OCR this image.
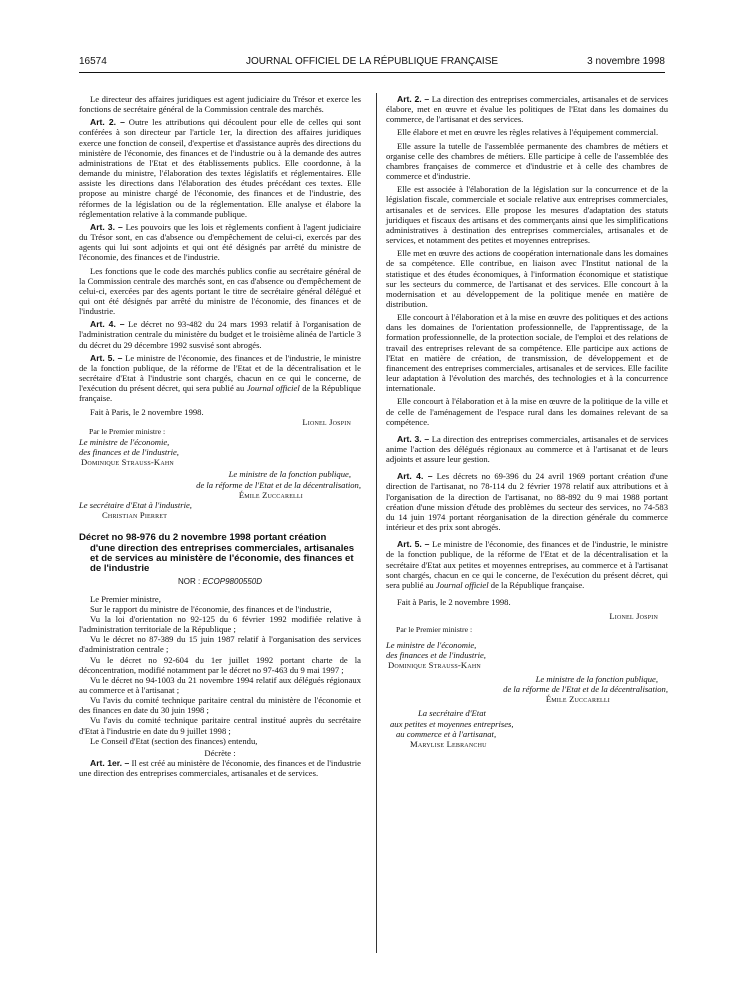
16574	JOURNAL OFFICIEL DE LA RÉPUBLIQUE FRANÇAISE	3 novembre 1998

Le directeur des affaires juridiques est agent judiciaire du Trésor et exerce les fonctions de secrétaire général de la Commission centrale des marchés.

Art. 2. – Outre les attributions qui découlent pour elle de celles qui sont conférées à son directeur par l'article 1er, la direction des affaires juridiques exerce une fonction de conseil, d'expertise et d'assistance auprès des directions du ministère de l'économie, des finances et de l'industrie ou à la demande des autres administrations de l'Etat et des établissements publics. Elle coordonne, à la demande du ministre, l'élaboration des textes législatifs et réglementaires. Elle assiste les directions dans l'élaboration des études précédant ces textes. Elle propose au ministre chargé de l'économie, des finances et de l'industrie, des réformes de la législation ou de la réglementation. Elle analyse et élabore la réglementation relative à la commande publique.

Art. 3. – Les pouvoirs que les lois et règlements confient à l'agent judiciaire du Trésor sont, en cas d'absence ou d'empêchement de celui-ci, exercés par des agents qui lui sont adjoints et qui ont été désignés par arrêté du ministre de l'économie, des finances et de l'industrie.

Les fonctions que le code des marchés publics confie au secrétaire général de la Commission centrale des marchés sont, en cas d'absence ou d'empêchement de celui-ci, exercées par des agents portant le titre de secrétaire général délégué et qui ont été désignés par arrêté du ministre de l'économie, des finances et de l'industrie.

Art. 4. – Le décret no 93-482 du 24 mars 1993 relatif à l'organisation de l'administration centrale du ministère du budget et le troisième alinéa de l'article 3 du décret du 29 décembre 1992 susvisé sont abrogés.

Art. 5. – Le ministre de l'économie, des finances et de l'industrie, le ministre de la fonction publique, de la réforme de l'Etat et de la décentralisation et le secrétaire d'Etat à l'industrie sont chargés, chacun en ce qui le concerne, de l'exécution du présent décret, qui sera publié au Journal officiel de la République française.

Fait à Paris, le 2 novembre 1998.

Lionel Jospin
Par le Premier ministre :
Le ministre de l'économie,
des finances et de l'industrie,
Dominique Strauss-Kahn
Le ministre de la fonction publique,
de la réforme de l'Etat et de la décentralisation,
Émile Zuccarelli
Le secrétaire d'Etat à l'industrie,
Christian Pierret
Décret no 98-976 du 2 novembre 1998 portant création
d'une direction des entreprises commerciales, artisanales et de services au ministère de l'économie, des finances et de l'industrie
NOR : ECOP9800550D

Le Premier ministre,

Sur le rapport du ministre de l'économie, des finances et de l'industrie,

Vu la loi d'orientation no 92-125 du 6 février 1992 modifiée relative à l'administration territoriale de la République ;

Vu le décret no 87-389 du 15 juin 1987 relatif à l'organisation des services d'administration centrale ;

Vu le décret no 92-604 du 1er juillet 1992 portant charte de la déconcentration, modifié notamment par le décret no 97-463 du 9 mai 1997 ;

Vu le décret no 94-1003 du 21 novembre 1994 relatif aux délégués régionaux au commerce et à l'artisanat ;

Vu l'avis du comité technique paritaire central du ministère de l'économie et des finances en date du 30 juin 1998 ;

Vu l'avis du comité technique paritaire central institué auprès du secrétaire d'Etat à l'industrie en date du 9 juillet 1998 ;

Le Conseil d'Etat (section des finances) entendu,

Décrète :

Art. 1er. – Il est créé au ministère de l'économie, des finances et de l'industrie une direction des entreprises commerciales, artisanales et de services.

Art. 2. – La direction des entreprises commerciales, artisanales et de services élabore, met en œuvre et évalue les politiques de l'Etat dans les domaines du commerce, de l'artisanat et des services.

Elle élabore et met en œuvre les règles relatives à l'équipement commercial.

Elle assure la tutelle de l'assemblée permanente des chambres de métiers et organise celle des chambres de métiers. Elle participe à celle de l'assemblée des chambres françaises de commerce et d'industrie et à celle des chambres de commerce et d'industrie.

Elle est associée à l'élaboration de la législation sur la concurrence et de la législation fiscale, commerciale et sociale relative aux entreprises commerciales, artisanales et de services. Elle propose les mesures d'adaptation des statuts juridiques et fiscaux des artisans et des commerçants ainsi que les simplifications administratives à destination des entreprises commerciales, artisanales et de services, et notamment des petites et moyennes entreprises.

Elle met en œuvre des actions de coopération internationale dans les domaines de sa compétence. Elle contribue, en liaison avec l'Institut national de la statistique et des études économiques, à l'information économique et statistique sur les secteurs du commerce, de l'artisanat et des services. Elle concourt à la modernisation et au développement de la politique menée en matière de distribution.

Elle concourt à l'élaboration et à la mise en œuvre des politiques et des actions dans les domaines de l'orientation professionnelle, de l'apprentissage, de la formation professionnelle, de la protection sociale, de l'emploi et des relations de travail des entreprises relevant de sa compétence. Elle participe aux actions de l'Etat en matière de création, de transmission, de développement et de financement des entreprises commerciales, artisanales et de services. Elle facilite leur adaptation à l'évolution des marchés, des technologies et à la concurrence internationale.

Elle concourt à l'élaboration et à la mise en œuvre de la politique de la ville et de celle de l'aménagement de l'espace rural dans les domaines relevant de sa compétence.

Art. 3. – La direction des entreprises commerciales, artisanales et de services anime l'action des délégués régionaux au commerce et à l'artisanat et de leurs adjoints et assure leur gestion.

Art. 4. – Les décrets no 69-396 du 24 avril 1969 portant création d'une direction de l'artisanat, no 78-114 du 2 février 1978 relatif aux attributions et à l'organisation de la direction de l'artisanat, no 88-892 du 9 mai 1988 portant création d'une mission d'étude des problèmes du secteur des services, no 74-583 du 14 juin 1974 portant réorganisation de la direction générale du commerce intérieur et des prix sont abrogés.

Art. 5. – Le ministre de l'économie, des finances et de l'industrie, le ministre de la fonction publique, de la réforme de l'Etat et de la décentralisation et la secrétaire d'Etat aux petites et moyennes entreprises, au commerce et à l'artisanat sont chargés, chacun en ce qui le concerne, de l'exécution du présent décret, qui sera publié au Journal officiel de la République française.

Fait à Paris, le 2 novembre 1998.

Lionel Jospin
Par le Premier ministre :
Le ministre de l'économie,
des finances et de l'industrie,
Dominique Strauss-Kahn
Le ministre de la fonction publique,
de la réforme de l'Etat et de la décentralisation,
Émile Zuccarelli
La secrétaire d'Etat
aux petites et moyennes entreprises,
au commerce et à l'artisanat,
Marylise Lebranchu
